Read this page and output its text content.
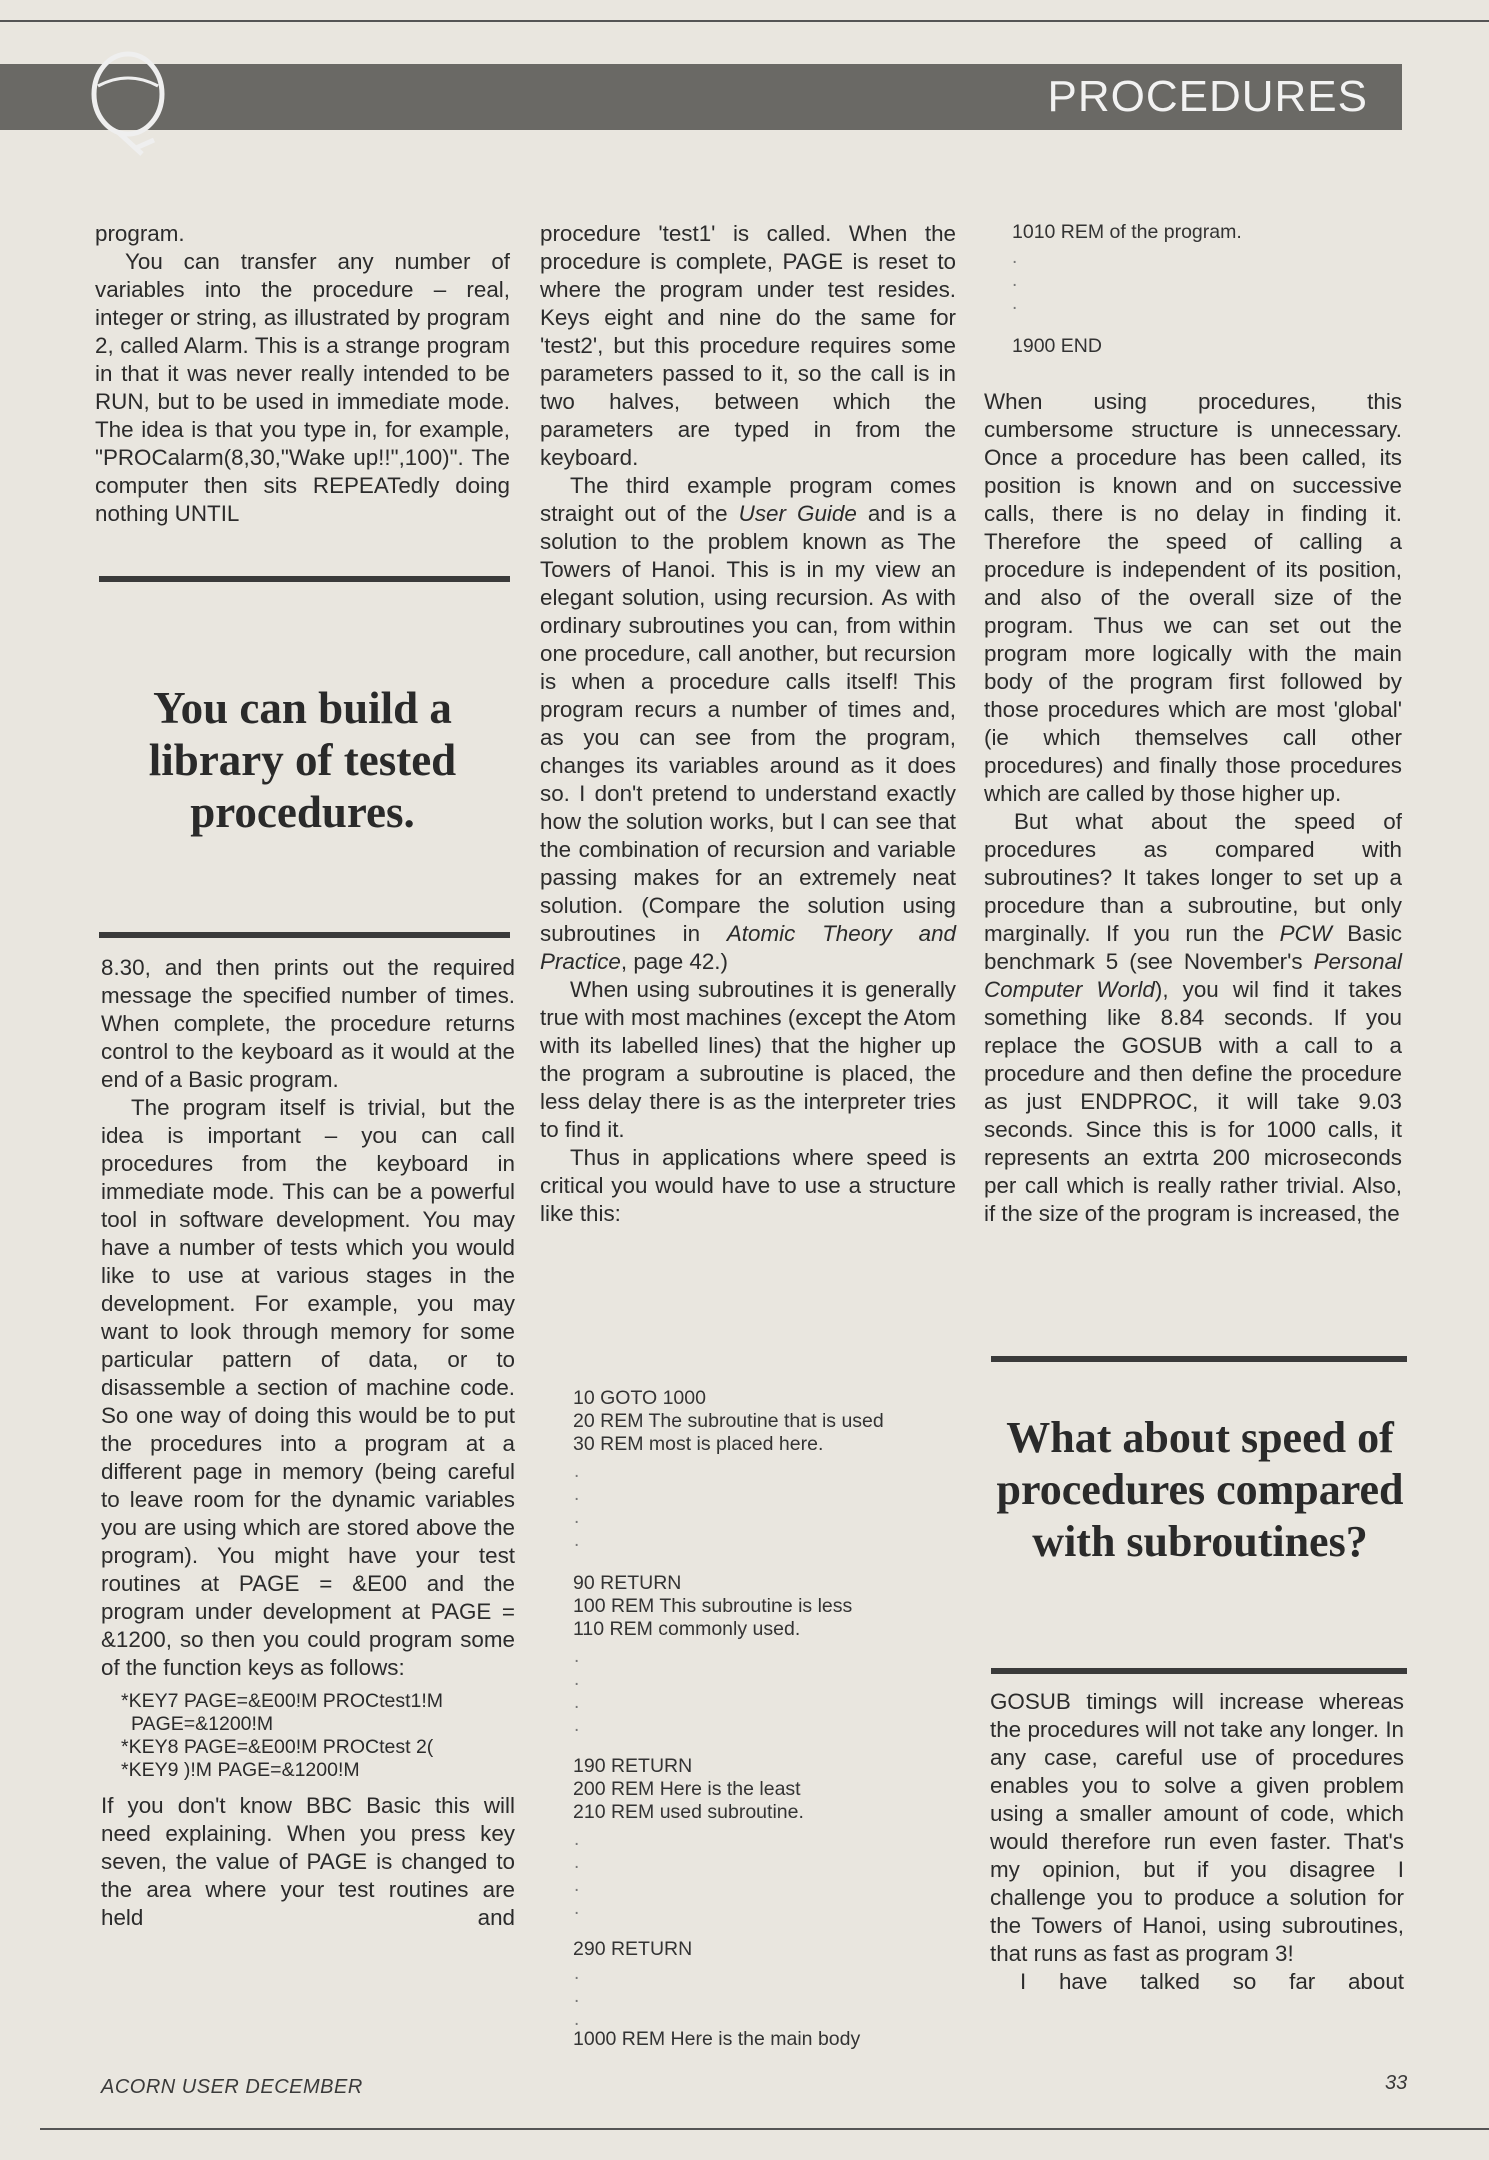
PROCEDURES

program.

You can transfer any number of variables into the procedure – real, integer or string, as illustrated by program 2, called Alarm. This is a strange program in that it was never really intended to be RUN, but to be used in immediate mode. The idea is that you type in, for example, "PROCalarm(8,30,"Wake up!!",100)". The computer then sits REPEATedly doing nothing UNTIL

You can build a library of tested procedures.

8.30, and then prints out the required message the specified number of times. When complete, the procedure returns control to the keyboard as it would at the end of a Basic program.

The program itself is trivial, but the idea is important – you can call procedures from the keyboard in immediate mode. This can be a powerful tool in software development. You may have a number of tests which you would like to use at various stages in the development. For example, you may want to look through memory for some particular pattern of data, or to disassemble a section of machine code. So one way of doing this would be to put the procedures into a program at a different page in memory (being careful to leave room for the dynamic variables you are using which are stored above the program). You might have your test routines at PAGE = &E00 and the program under development at PAGE = &1200, so then you could program some of the function keys as follows:

*KEY7 PAGE=&E00!M PROCtest1!M
PAGE=&1200!M
*KEY8 PAGE=&E00!M PROCtest 2(
*KEY9 )!M PAGE=&1200!M

If you don't know BBC Basic this will need explaining. When you press key seven, the value of PAGE is changed to the area where your test routines are held and

procedure 'test1' is called. When the procedure is complete, PAGE is reset to where the program under test resides. Keys eight and nine do the same for 'test2', but this procedure requires some parameters passed to it, so the call is in two halves, between which the parameters are typed in from the keyboard.

The third example program comes straight out of the User Guide and is a solution to the problem known as The Towers of Hanoi. This is in my view an elegant solution, using recursion. As with ordinary subroutines you can, from within one procedure, call another, but recursion is when a procedure calls itself! This program recurs a number of times and, as you can see from the program, changes its variables around as it does so. I don't pretend to understand exactly how the solution works, but I can see that the combination of recursion and variable passing makes for an extremely neat solution. (Compare the solution using subroutines in Atomic Theory and Practice, page 42.)

When using subroutines it is generally true with most machines (except the Atom with its labelled lines) that the higher up the program a subroutine is placed, the less delay there is as the interpreter tries to find it.

Thus in applications where speed is critical you would have to use a structure like this:

10 GOTO 1000
20 REM The subroutine that is used
30 REM most is placed here.
.
.
.
.
90 RETURN
100 REM This subroutine is less
110 REM commonly used.
.
.
.
.
190 RETURN
200 REM Here is the least
210 REM used subroutine.
.
.
.
.
290 RETURN
.
.
.
1000 REM Here is the main body
1010 REM of the program.
.
.
.
1900 END

When using procedures, this cumbersome structure is unnecessary. Once a procedure has been called, its position is known and on successive calls, there is no delay in finding it. Therefore the speed of calling a procedure is independent of its position, and also of the overall size of the program. Thus we can set out the program more logically with the main body of the program first followed by those procedures which are most 'global' (ie which themselves call other procedures) and finally those procedures which are called by those higher up.

But what about the speed of procedures as compared with subroutines? It takes longer to set up a procedure than a subroutine, but only marginally. If you run the PCW Basic benchmark 5 (see November's Personal Computer World), you wil find it takes something like 8.84 seconds. If you replace the GOSUB with a call to a procedure and then define the procedure as just ENDPROC, it will take 9.03 seconds. Since this is for 1000 calls, it represents an extrta 200 microseconds per call which is really rather trivial. Also, if the size of the program is increased, the

What about speed of procedures compared with subroutines?

GOSUB timings will increase whereas the procedures will not take any longer. In any case, careful use of procedures enables you to solve a given problem using a smaller amount of code, which would therefore run even faster. That's my opinion, but if you disagree I challenge you to produce a solution for the Towers of Hanoi, using subroutines, that runs as fast as program 3!

I have talked so far about

ACORN USER DECEMBER	33
